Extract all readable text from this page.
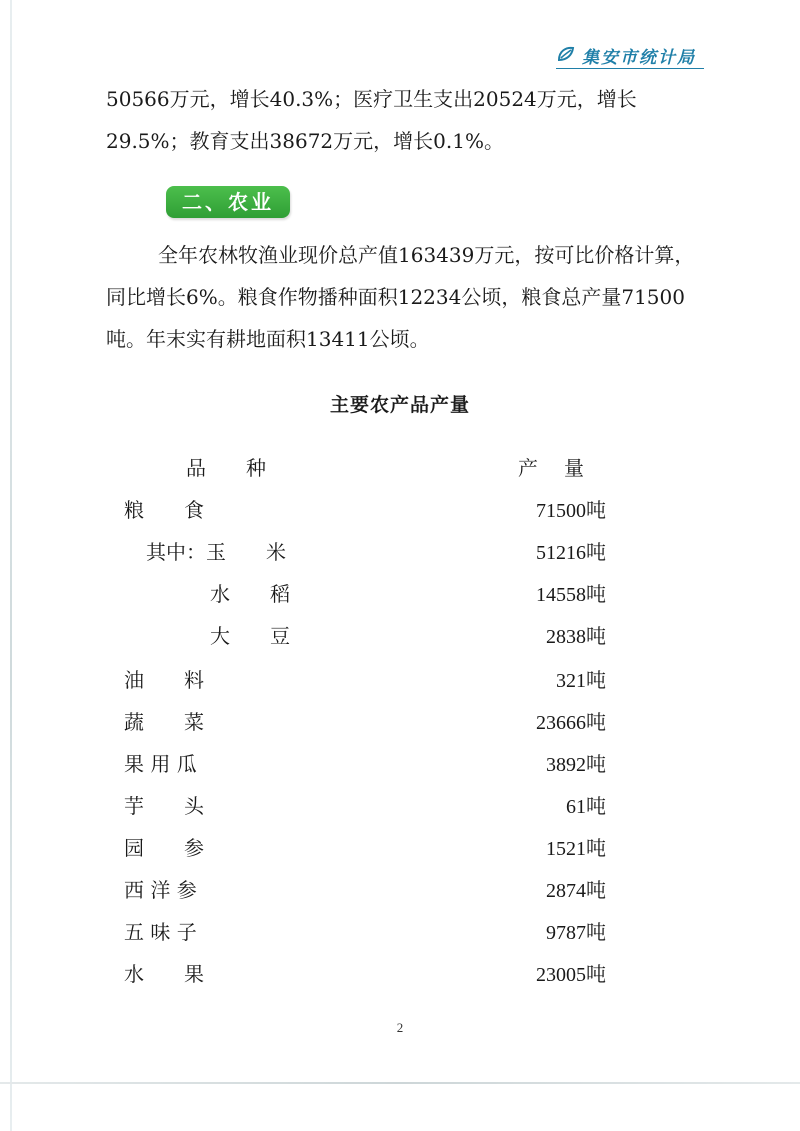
集安市统计局

50566万元，增长40.3%；医疗卫生支出20524万元，增长29.5%；教育支出38672万元，增长0.1%。

二、农业

全年农林牧渔业现价总产值163439万元，按可比价格计算，同比增长6%。粮食作物播种面积12234公顷，粮食总产量71500吨。年末实有耕地面积13411公顷。

主要农产品产量
品种	产量
粮　　食	71500吨
其中：玉　　米	51216吨
水　　稻	14558吨
大　　豆	2838吨
油　　料	321吨
蔬　　菜	23666吨
果 用 瓜	3892吨
芋　　头	61吨
园　　参	1521吨
西 洋 参	2874吨
五 味 子	9787吨
水　　果	23005吨
2
